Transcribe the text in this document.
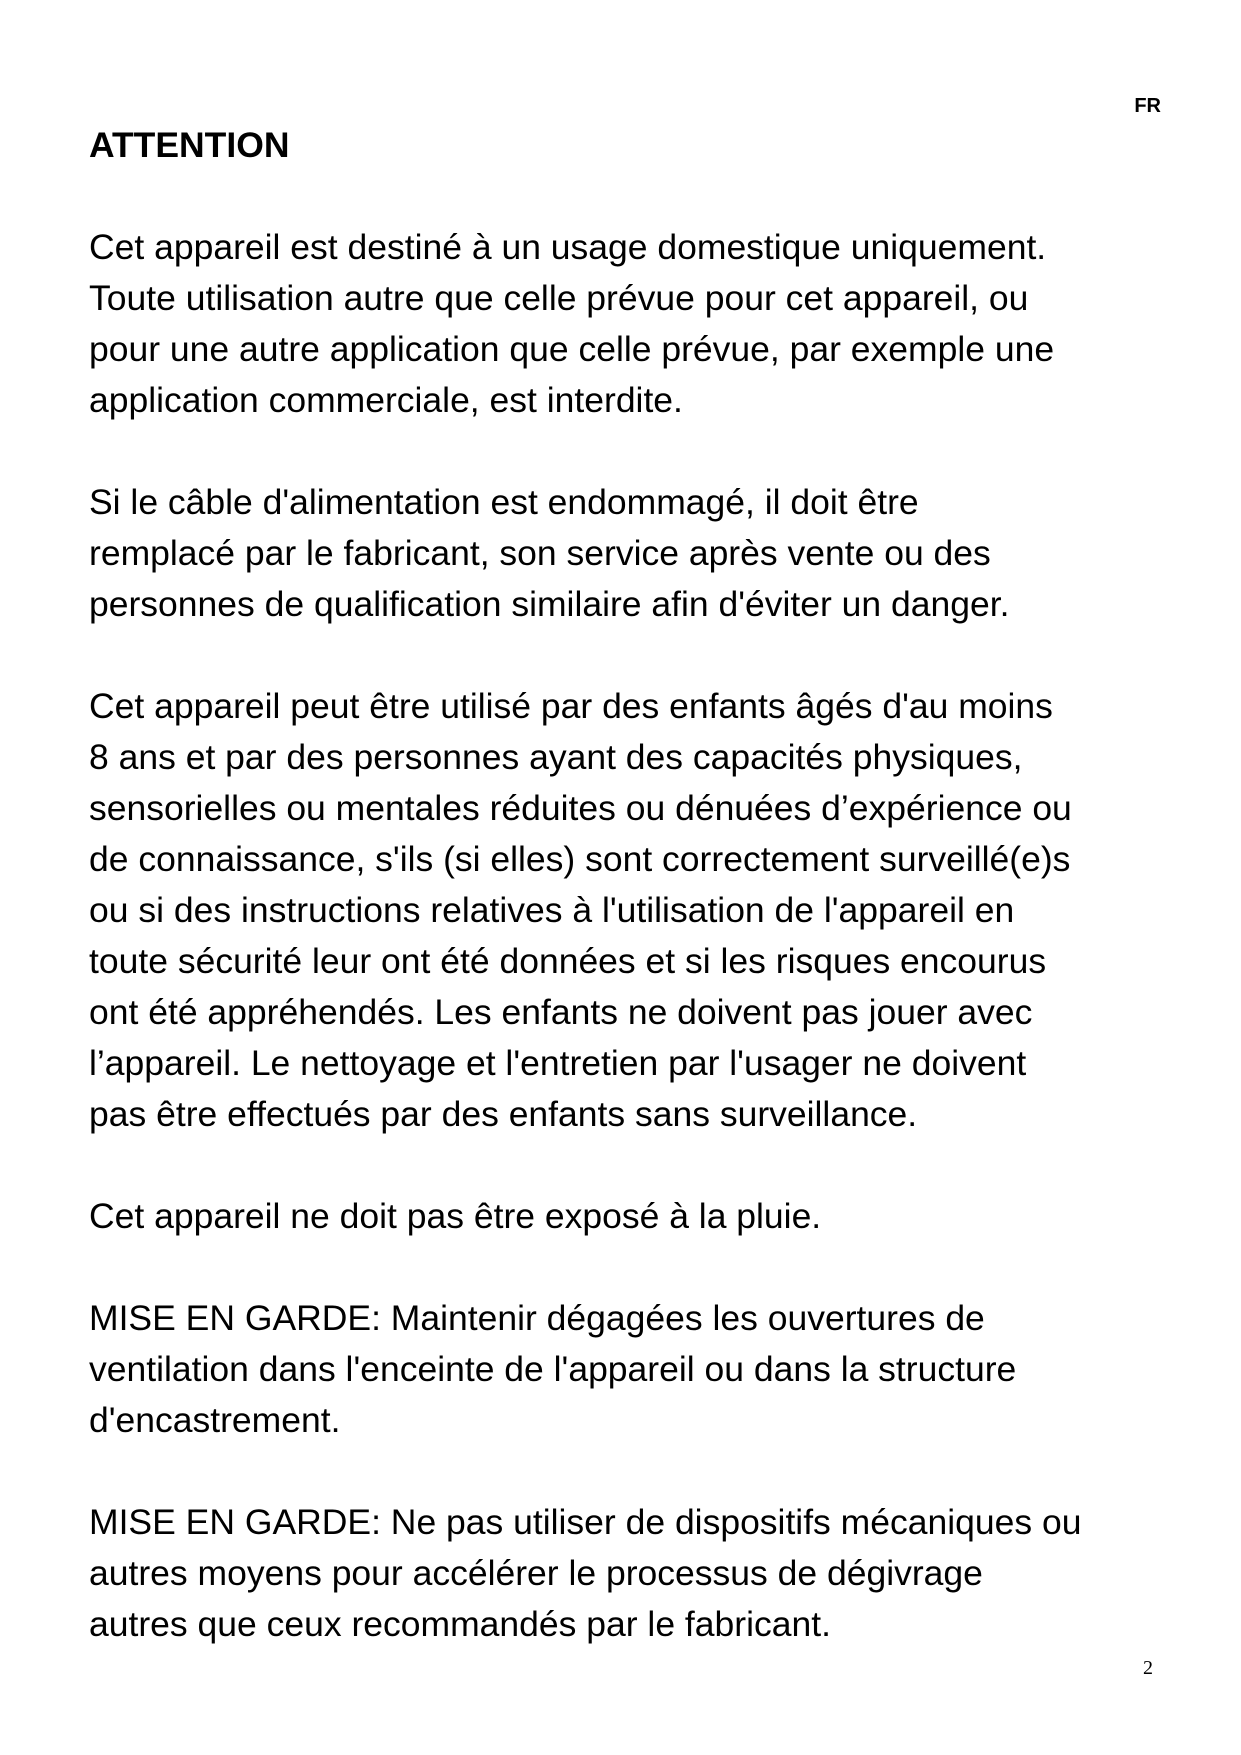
FR
ATTENTION
Cet appareil est destiné à un usage domestique uniquement.
Toute utilisation autre que celle prévue pour cet appareil, ou
pour une autre application que celle prévue, par exemple une
application commerciale, est interdite.
Si le câble d'alimentation est endommagé, il doit être
remplacé par le fabricant, son service après vente ou des
personnes de qualification similaire afin d'éviter un danger.
Cet appareil peut être utilisé par des enfants âgés d'au moins
8 ans et par des personnes ayant des capacités physiques,
sensorielles ou mentales réduites ou dénuées d’expérience ou
de connaissance, s'ils (si elles) sont correctement surveillé(e)s
ou si des instructions relatives à l'utilisation de l'appareil en
toute sécurité leur ont été données et si les risques encourus
ont été appréhendés. Les enfants ne doivent pas jouer avec
l’appareil. Le nettoyage et l'entretien par l'usager ne doivent
pas être effectués par des enfants sans surveillance.
Cet appareil ne doit pas être exposé à la pluie.
MISE EN GARDE: Maintenir dégagées les ouvertures de
ventilation dans l'enceinte de l'appareil ou dans la structure
d'encastrement.
MISE EN GARDE: Ne pas utiliser de dispositifs mécaniques ou
autres moyens pour accélérer le processus de dégivrage
autres que ceux recommandés par le fabricant.
2
